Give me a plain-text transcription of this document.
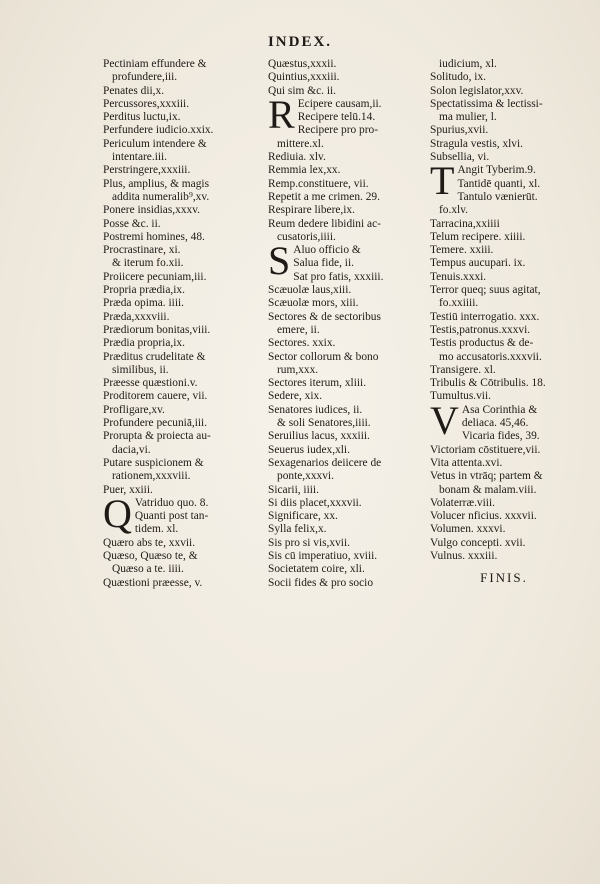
INDEX.
Pectiniam effundere &
profundere,iii.
Penates dii,x.
Percussores,xxxiii.
Perditus luctu,ix.
Perfundere iudicio.xxix.
Periculum intendere &
intentare.iii.
Perstringere,xxxiii.
Plus, amplius, & magis
addita numeralib⁹,xv.
Ponere insidias,xxxv.
Posse &c. ii.
Postremi homines, 48.
Procrastinare, xi.
& iterum fo.xii.
Proiicere pecuniam,iii.
Propria prædia,ix.
Præda opima. iiii.
Præda,xxxviii.
Prædiorum bonitas,viii.
Prædia propria,ix.
Præditus crudelitate &
similibus, ii.
Præesse quæstioni.v.
Proditorem cauere, vii.
Profligare,xv.
Profundere pecuniā,iii.
Prorupta & proiecta au-
dacia,vi.
Putare suspicionem &
rationem,xxxviii.
Puer, xxiii.
Q Vatriduo quo. 8.
Quanti post tan-
tidem. xl.
Quæro abs te, xxvii.
Quæso, Quæso te, &
Quæso a te. iiii.
Quæstioni præesse, v.
Quæstus,xxxii.
Quintius,xxxiii.
Qui sim &c. ii.
R Ecipere causam,ii.
Recipere telū.14.
Recipere pro pro-
mittere.xl.
Rediuia. xlv.
Remmia lex,xx.
Remp.constituere, vii.
Repetit a me crimen. 29.
Respirare libere,ix.
Reum dedere libidini ac-
cusatoris,iiii.
S Aluo officio &
Salua fide, ii.
Sat pro fatis, xxxiii.
Scæuolæ laus,xiii.
Scæuolæ mors, xiii.
Sectores & de sectoribus
emere, ii.
Sectores. xxix.
Sector collorum & bono
rum,xxx.
Sectores iterum, xliii.
Sedere, xix.
Senatores iudices, ii.
& soli Senatores,iiii.
Seruilius lacus, xxxiii.
Seuerus iudex,xli.
Sexagenarios deiicere de
ponte,xxxvi.
Sicarii, iiii.
Si diis placet,xxxvii.
Significare, xx.
Sylla felix,x.
Sis pro si vis,xvii.
Sis cū imperatiuo, xviii.
Societatem coire, xli.
Socii fides & pro socio
iudicium, xl.
Solitudo, ix.
Solon legislator,xxv.
Spectatissima & lectissi-
ma mulier, l.
Spurius,xvii.
Stragula vestis, xlvi.
Subsellia, vi.
T Angit Tyberim.9.
Tantidē quanti, xl.
Tantulo vænierūt.
fo.xlv.
Tarracina,xxiiii
Telum recipere. xiiii.
Temere. xxiii.
Tempus aucupari. ix.
Tenuis.xxxi.
Terror queq; suus agitat,
fo.xxiiii.
Testiū interrogatio. xxx.
Testis,patronus.xxxvi.
Testis productus & de-
mo accusatoris.xxxvii.
Transigere. xl.
Tribulis & Cōtribulis. 18.
Tumultus.vii.
V Asa Corinthia &
deliaca. 45,46.
Vicaria fides, 39.
Victoriam cōstituere,vii.
Vita attenta.xvi.
Vetus in vtrāq; partem &
bonam & malam.viii.
Volaterræ.viii.
Volucer nficius. xxxvii.
Volumen. xxxvi.
Vulgo concepti. xvii.
Vulnus. xxxiii.
FINIS.
